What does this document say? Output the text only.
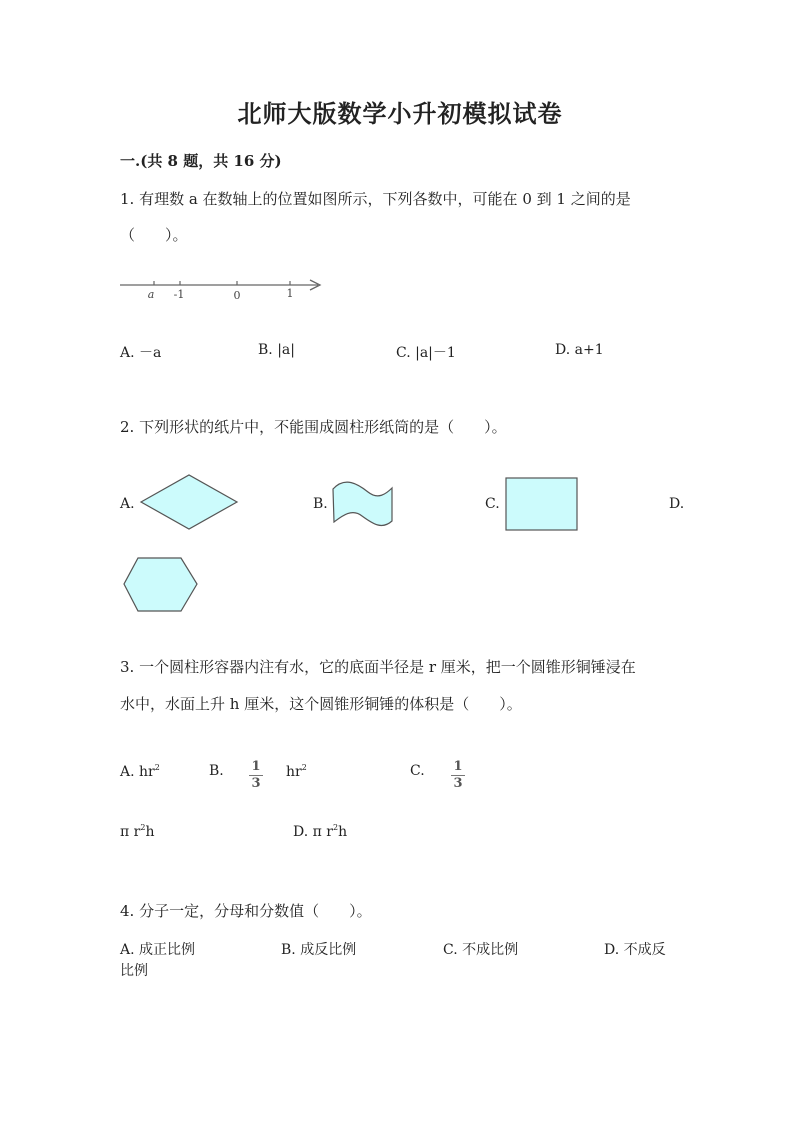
北师大版数学小升初模拟试卷
一.(共 8 题，共 16 分)
1. 有理数 a 在数轴上的位置如图所示，下列各数中，可能在 0 到 1 之间的是
（　　）。
a -1	0	1
A. －a	B. |a|	C. |a|－1	D. a+1
2. 下列形状的纸片中，不能围成圆柱形纸筒的是（　　）。
A.	B.	C.	D.
3. 一个圆柱形容器内注有水，它的底面半径是 r 厘米，把一个圆锥形铜锤浸在
水中，水面上升 h 厘米，这个圆锥形铜锤的体积是（　　）。
A. $hr^2$	B. 1
3
$hr^2$	C. 1
3
π $r^2h$	D. π $r^2h$
4. 分子一定，分母和分数值（　　）。
A. 成正比例	B. 成反比例	C. 不成比例	D. 不成反
比例
